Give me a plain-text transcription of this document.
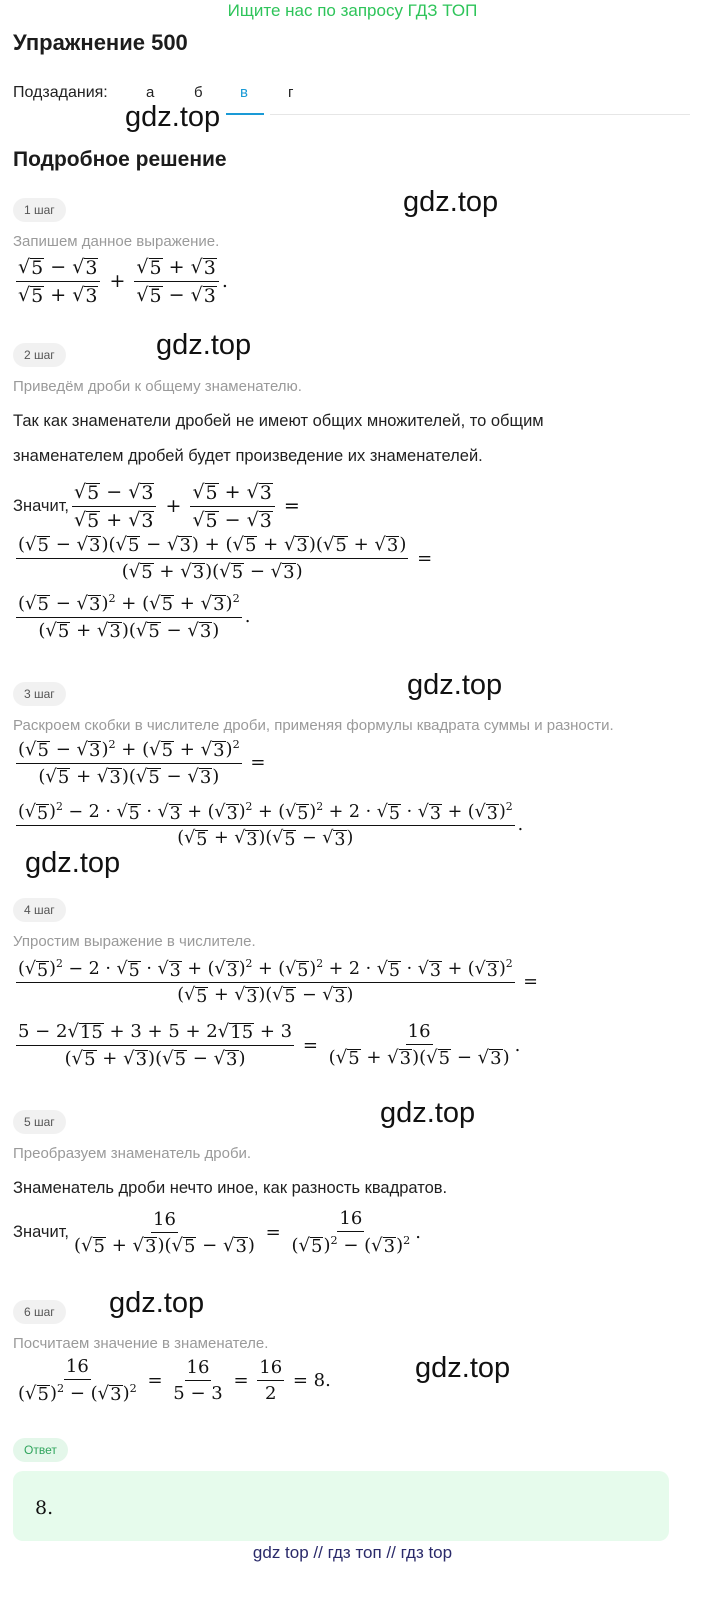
Ищите нас по запросу ГДЗ ТОП
Упражнение 500
Подзадания:	а	б в	г
gdz.top
gdz.top
gdz.top
gdz.top
gdz.top
gdz.top
gdz.top
gdz.top
Подробное решение
1 шаг
Запишем данное выражение.
$\frac{√ 5 - √ 3}{√ 5 + √ 3} + \frac{√ 5 + √ 3}{√ 5 - √ 3}$ .
2 шаг
Приведём дроби к общему знаменателю.
Так как знаменатели дробей не имеют общих множителей, то общим
знаменателем дробей будет произведение их знаменателей.
Значит, $\frac{√ 5 - √ 3}{√ 5 + √ 3} + \frac{√ 5 + √ 3}{√ 5 - √ 3}$ =
$\frac{( √ 5 - √ 3 )( √ 5 - √ 3 ) + ( √ 5 + √ 3 )( √ 5 + √ 3 )}{( √ 5 + √ 3 )( √ 5 - √ 3 )}$ =
$\frac{( √ 5 - √ 3 )^2 + ( √ 5 + √ 3 )^2}{( √ 5 + √ 3 )( √ 5 - √ 3 )}$ .
3 шаг
Раскроем скобки в числителе дроби, применяя формулы квадрата суммы и разности.
$\frac{( √ 5 - √ 3 )^2 + ( √ 5 + √ 3 )^2}{( √ 5 + √ 3 )( √ 5 - √ 3 )}$ =
$\frac{( √ 5 )^2 - 2 \cdot √ 5 \cdot √ 3 + ( √ 3 )^2 + ( √ 5 )^2 + 2 \cdot √ 5 \cdot √ 3 + ( √ 3 )^2}{( √ 5 + √ 3 )( √ 5 - √ 3 )}$ .
4 шаг
Упростим выражение в числителе.
$\frac{( √ 5 )^2 - 2 \cdot √ 5 \cdot √ 3 + ( √ 3 )^2 + ( √ 5 )^2 + 2 \cdot √ 5 \cdot √ 3 + ( √ 3 )^2}{( √ 5 + √ 3 )( √ 5 - √ 3 )}$ =
$\frac{5 - 2 √ 15 + 3 + 5 + 2 √ 15 + 3}{( √ 5 + √ 3 )( √ 5 - √ 3 )} = \frac{16}{( √ 5 + √ 3 )( √ 5 - √ 3 )}$ .
5 шаг
Преобразуем знаменатель дроби.
Знаменатель дроби нечто иное, как разность квадратов.
Значит, $\frac{16}{( √ 5 + √ 3 )( √ 5 - √ 3 )} = \frac{16}{( √ 5 )^2 - ( √ 3 )^2}$ .
6 шаг
Посчитаем значение в знаменателе.
$\frac{16}{( √ 5 )^2 - ( √ 3 )^2} = \frac{16}{5 - 3} = \frac{16}{2} = 8$.
Ответ
8.
gdz top // гдз топ // гдз top
